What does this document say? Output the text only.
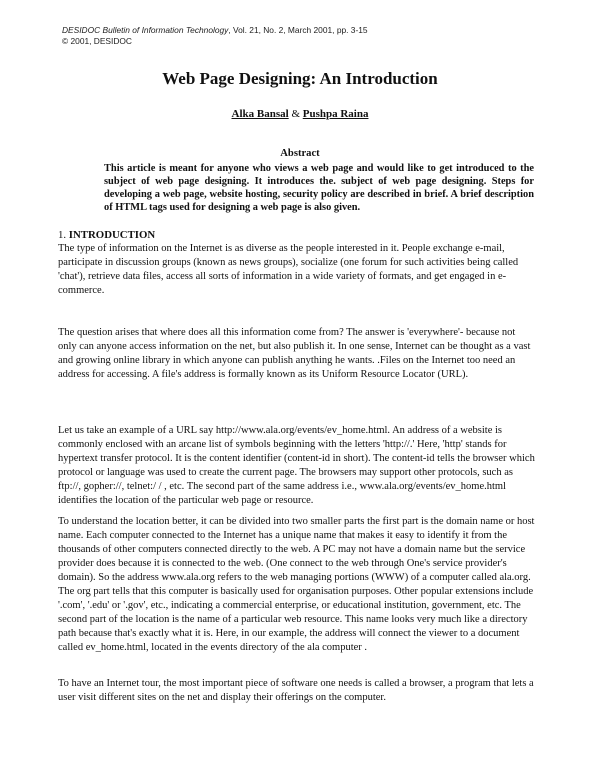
DESIDOC Bulletin of Information Technology, Vol. 21, No. 2, March 2001, pp. 3-15
© 2001, DESIDOC
Web Page Designing: An Introduction
Alka Bansal & Pushpa Raina
Abstract

This article is meant for anyone who views a web page and would like to get introduced to the subject of web page designing. It introduces the. subject of web page designing. Steps for developing a web page, website hosting, security policy are described in brief. A brief description of HTML tags used for designing a web page is also given.

1. INTRODUCTION

The type of information on the Internet is as diverse as the people interested in it. People exchange e-mail, participate in discussion groups (known as news groups), socialize (one forum for such activities being called 'chat'), retrieve data files, access all sorts of information in a wide variety of formats, and get engaged in e-commerce.

The question arises that where does all this information come from? The answer is 'everywhere'- because not only can anyone access information on the net, but also publish it. In one sense, Internet can be thought as a vast and growing online library in which anyone can publish anything he wants. .Files on the Internet too need an address for accessing. A file's address is formally known as its Uniform Resource Locator (URL).

Let us take an example of a URL say http://www.ala.org/events/ev_home.html. An address of a website is commonly enclosed with an arcane list of symbols beginning with the letters 'http://.' Here, 'http' stands for hypertext transfer protocol. It is the content identifier (content-id in short). The content-id tells the browser which protocol or language was used to create the current page. The browsers may support other protocols, such as ftp://, gopher://, telnet:/ / , etc. The second part of the same address i.e., www.ala.org/events/ev_home.html identifies the location of the particular web page or resource.

To understand the location better, it can be divided into two smaller parts the first part is the domain name or host name. Each computer connected to the Internet has a unique name that makes it easy to identify it from the thousands of other computers connected directly to the web. A PC may not have a domain name but the service provider does because it is connected to the web. (One connect to the web through One's service provider's domain). So the address www.ala.org refers to the web managing portions (WWW) of a computer called ala.org. The org part tells that this computer is basically used for organisation purposes. Other popular extensions include '.com', '.edu' or '.gov', etc., indicating a commercial enterprise, or educational institution, government, etc. The second part of the location is the name of a particular web resource. This name looks very much like a directory path because that's exactly what it is. Here, in our example, the address will connect the viewer to a document called ev_home.html, located in the events directory of the ala computer .

To have an Internet tour, the most important piece of software one needs is called a browser, a program that lets a user visit different sites on the net and display their offerings on the computer.
